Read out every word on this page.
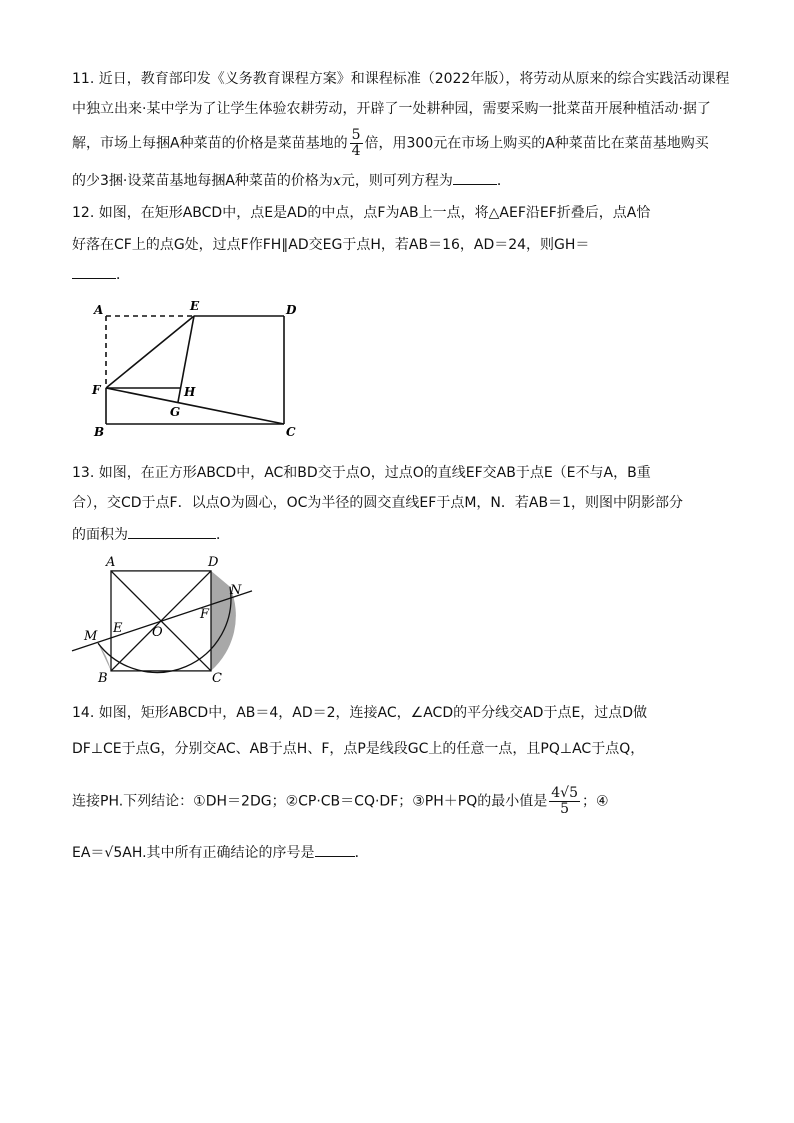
11. 近日，教育部印发《义务教育课程方案》和课程标准（2022年版），将劳动从原来的综合实践活动课程
中独立出来·某中学为了让学生体验农耕劳动，开辟了一处耕种园，需要采购一批菜苗开展种植活动·据了
解，市场上每捆A种菜苗的价格是菜苗基地的 $\frac{5}{4}$ 倍，用300元在市场上购买的A种菜苗比在菜苗基地购买
的少3捆·设菜苗基地每捆A种菜苗的价格为x元，则可列方程为	．
12. 如图，在矩形ABCD中，点E是AD的中点，点F为AB上一点，将△AEF沿EF折叠后，点A恰
好落在CF上的点G处，过点F作FH∥AD交EG于点H，若AB＝16，AD＝24，则GH＝
．
A	E	D
F	H
G
B	C
13. 如图，在正方形ABCD中，AC和BD交于点O，过点O的直线EF交AB于点E（E不与A，B重
合），交CD于点F．以点O为圆心，OC为半径的圆交直线EF于点M，N．若AB＝1，则图中阴影部分
的面积为	．
A	D
N
M
E O
F
B	C
14. 如图，矩形ABCD中，AB＝4，AD＝2，连接AC，∠ACD的平分线交AD于点E，过点D做
DF⊥CE于点G，分别交AC、AB于点H、F，点P是线段GC上的任意一点，且PQ⊥AC于点Q，
连接PH.下列结论：①DH＝2DG；②CP·CB＝CQ·DF；③PH＋PQ的最小值是 $\frac{4√5}{5}$ ；④
EA＝√5AH.其中所有正确结论的序号是	．
